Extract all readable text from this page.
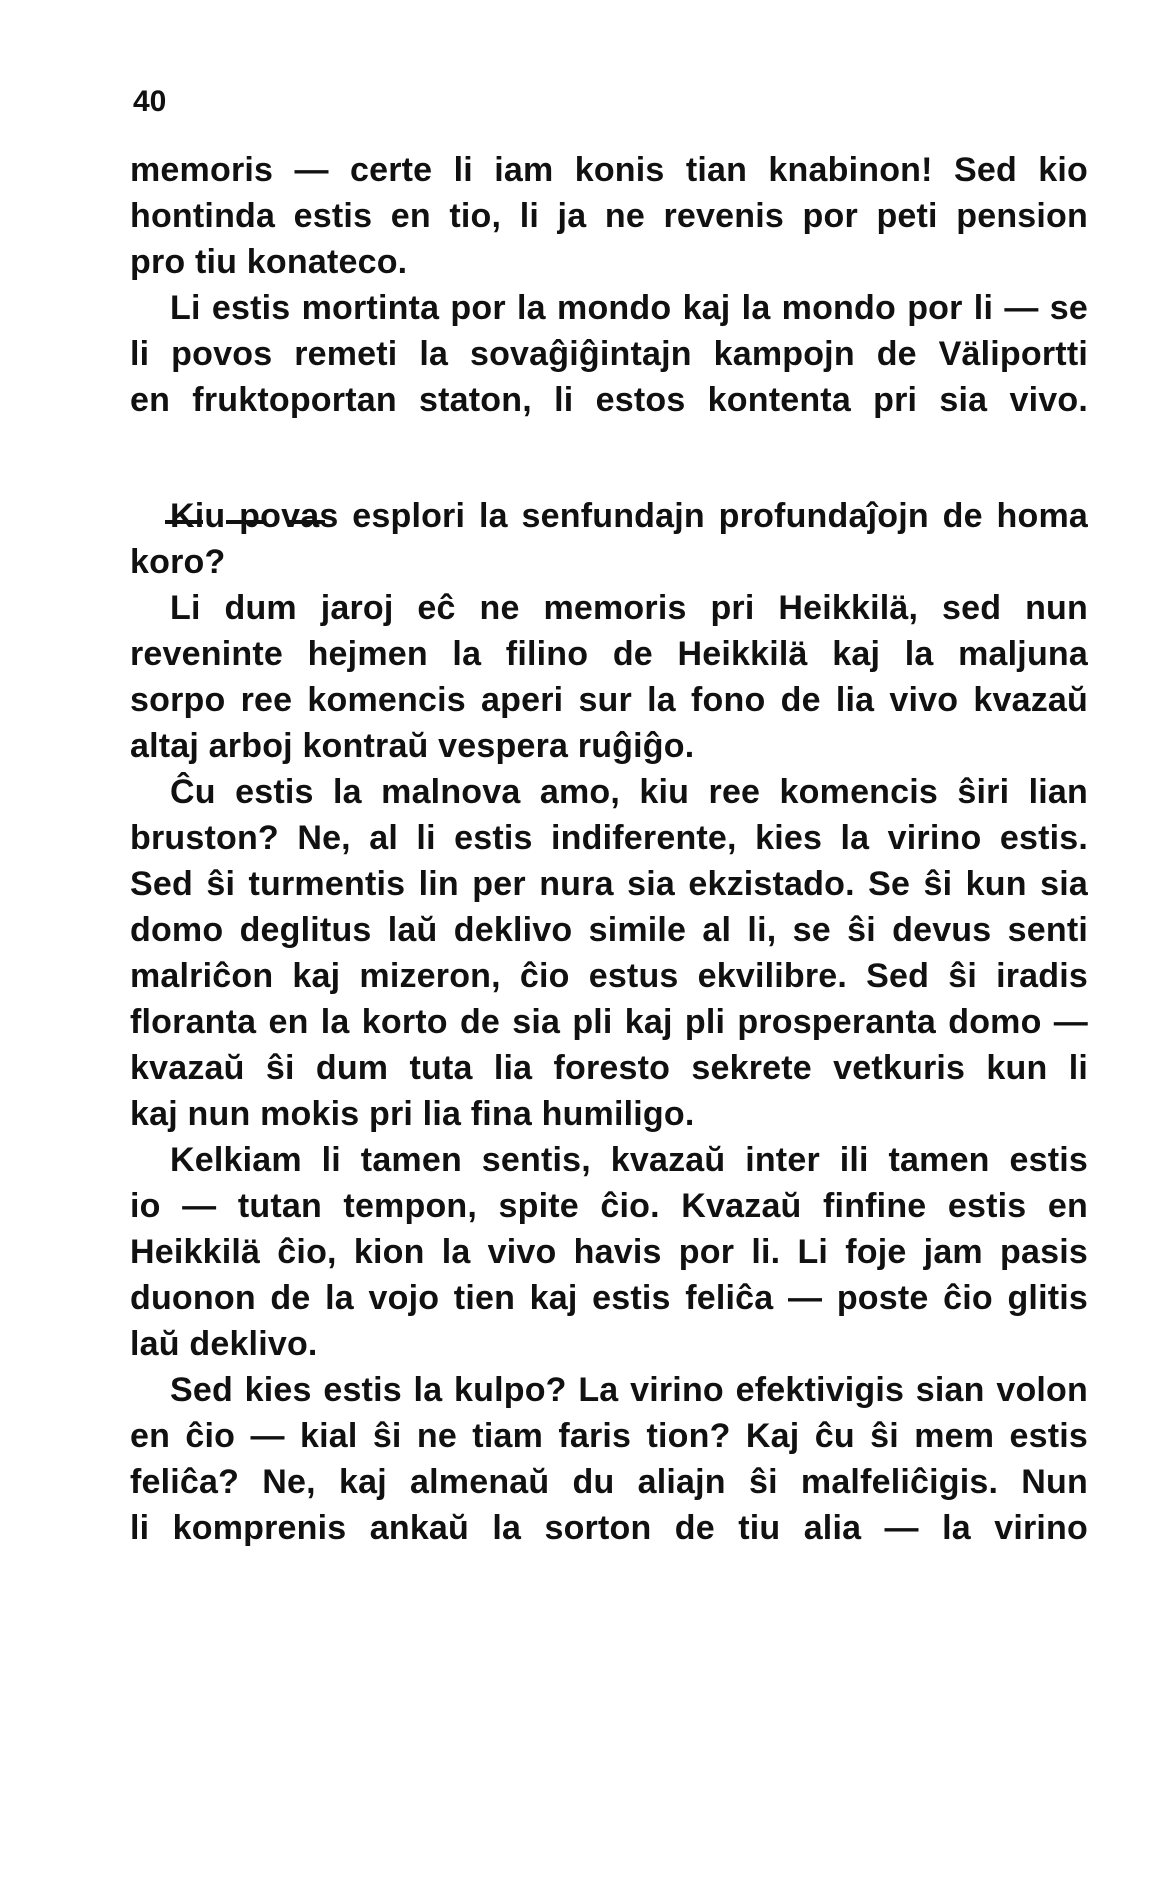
40
memoris — certe li iam konis tian knabinon! Sed kio
hontinda estis en tio, li ja ne revenis por peti pension
pro tiu konateco.
Li estis mortinta por la mondo kaj la mondo por li — se
li povos remeti la sovaĝiĝintajn kampojn de Väliportti
en fruktoportan staton, li estos kontenta pri sia vivo.
Kiu povas esplori la senfundajn profundaĵojn de homa
koro?
Li dum jaroj eĉ ne memoris pri Heikkilä, sed nun
reveninte hejmen la filino de Heikkilä kaj la maljuna
sorpo ree komencis aperi sur la fono de lia vivo kvazaŭ
altaj arboj kontraŭ vespera ruĝiĝo.
Ĉu estis la malnova amo, kiu ree komencis ŝiri lian
bruston? Ne, al li estis indiferente, kies la virino estis.
Sed ŝi turmentis lin per nura sia ekzistado. Se ŝi kun sia
domo deglitus laŭ deklivo simile al li, se ŝi devus senti
malriĉon kaj mizeron, ĉio estus ekvilibre. Sed ŝi iradis
floranta en la korto de sia pli kaj pli prosperanta domo —
kvazaŭ ŝi dum tuta lia foresto sekrete vetkuris kun li
kaj nun mokis pri lia fina humiligo.
Kelkiam li tamen sentis, kvazaŭ inter ili tamen estis
io — tutan tempon, spite ĉio. Kvazaŭ finfine estis en
Heikkilä ĉio, kion la vivo havis por li. Li foje jam pasis
duonon de la vojo tien kaj estis feliĉa — poste ĉio glitis
laŭ deklivo.
Sed kies estis la kulpo? La virino efektivigis sian volon
en ĉio — kial ŝi ne tiam faris tion? Kaj ĉu ŝi mem estis
feliĉa? Ne, kaj almenaŭ du aliajn ŝi malfeliĉigis. Nun
li komprenis ankaŭ la sorton de tiu alia — la virino
